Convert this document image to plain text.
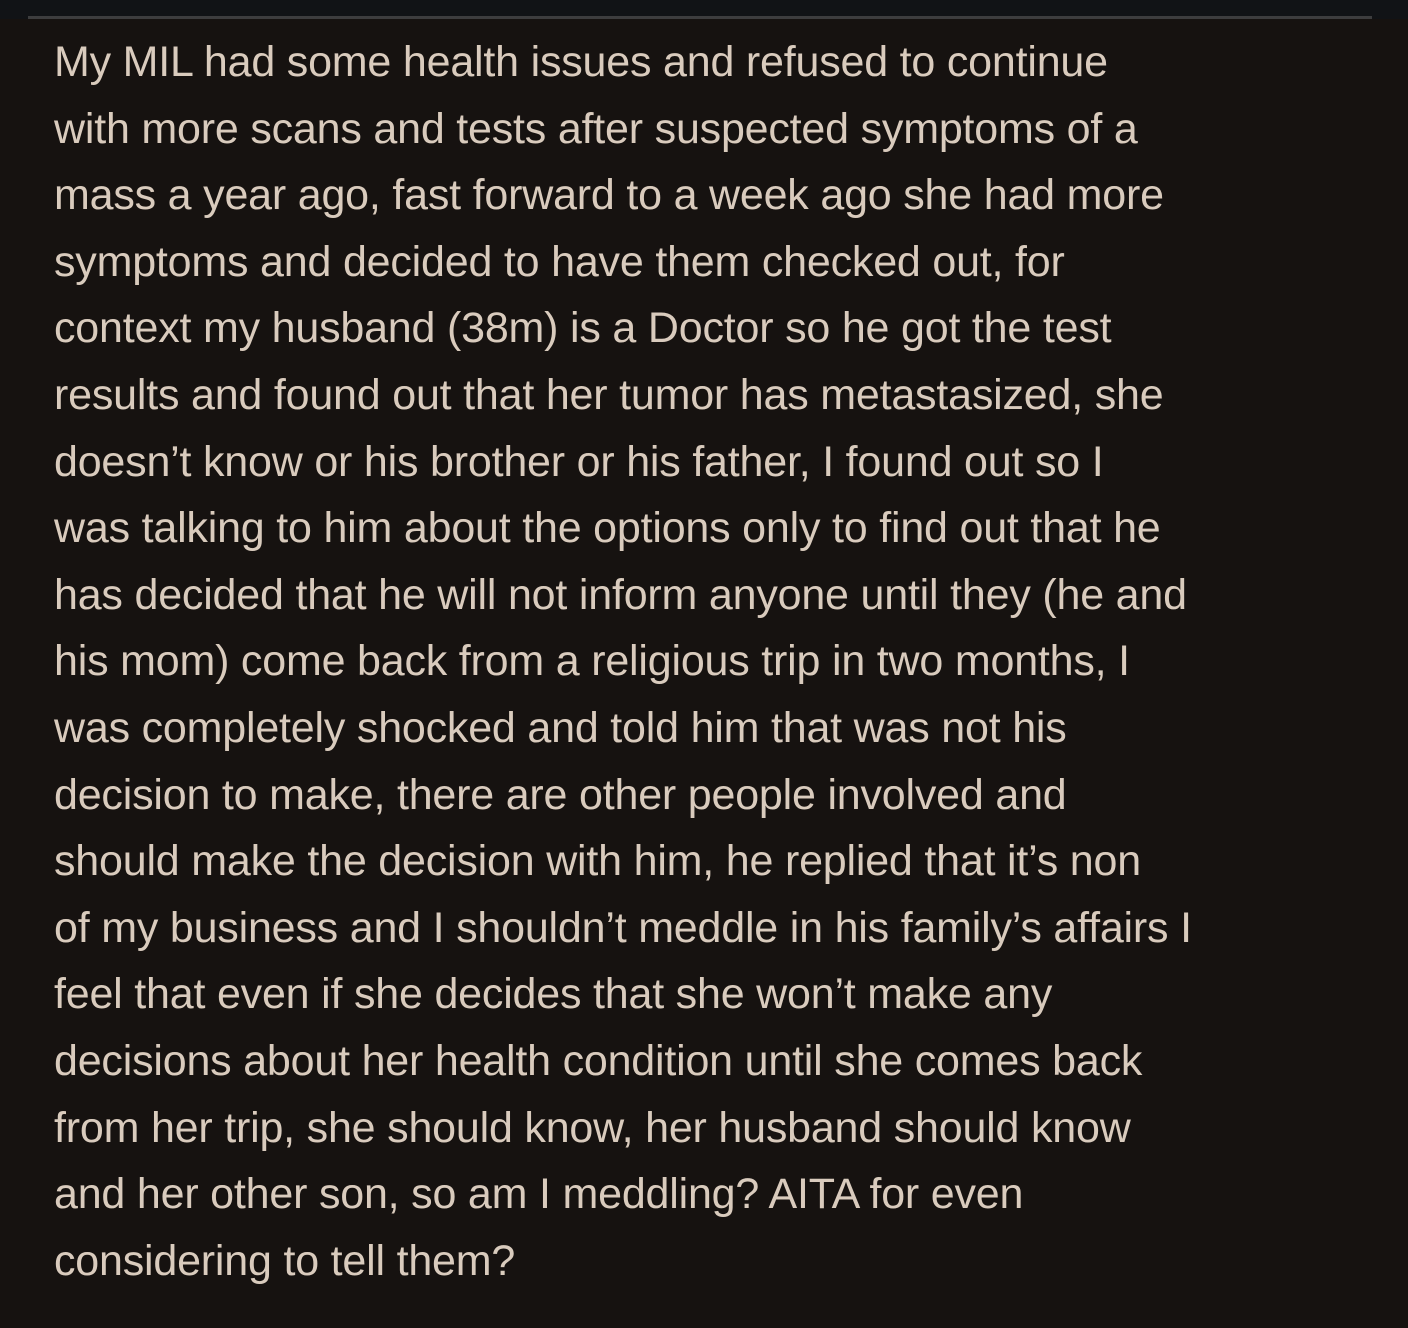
My MIL had some health issues and refused to continue
with more scans and tests after suspected symptoms of a
mass a year ago, fast forward to a week ago she had more
symptoms and decided to have them checked out, for
context my husband (38m) is a Doctor so he got the test
results and found out that her tumor has metastasized, she
doesn’t know or his brother or his father, I found out so I
was talking to him about the options only to find out that he
has decided that he will not inform anyone until they (he and
his mom) come back from a religious trip in two months, I
was completely shocked and told him that was not his
decision to make, there are other people involved and
should make the decision with him, he replied that it’s non
of my business and I shouldn’t meddle in his family’s affairs I
feel that even if she decides that she won’t make any
decisions about her health condition until she comes back
from her trip, she should know, her husband should know
and her other son, so am I meddling? AITA for even
considering to tell them?
